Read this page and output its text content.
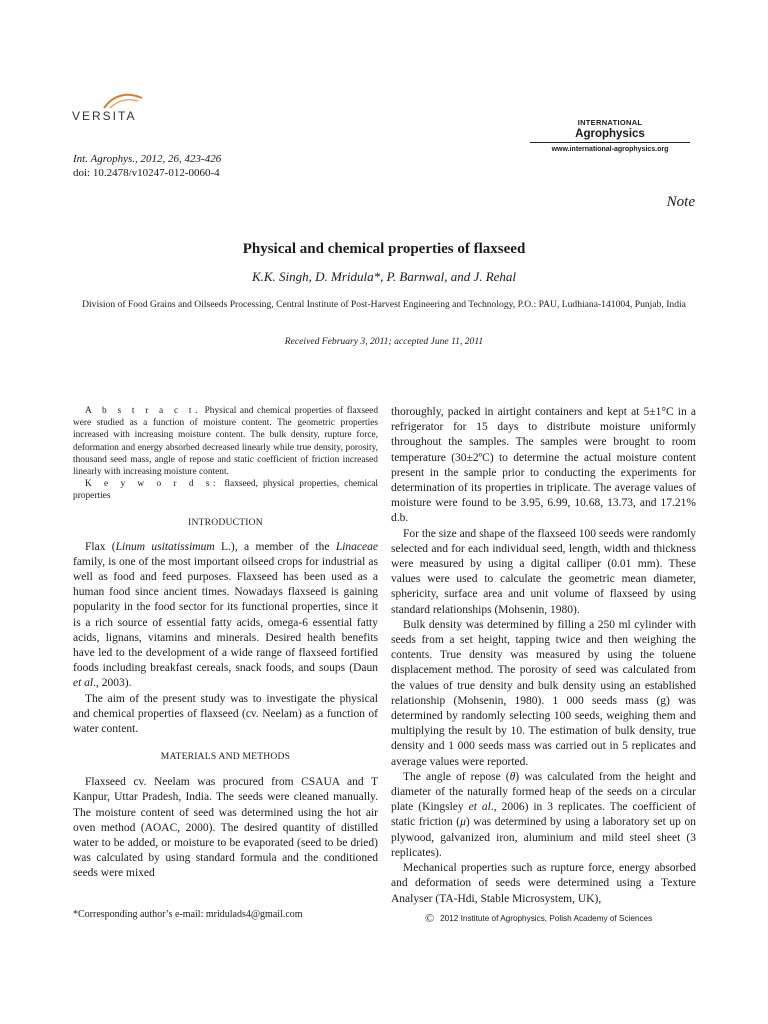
VERSITA	INTERNATIONAL
Agrophysics
www.international-agrophysics.org
Int. Agrophys., 2012, 26, 423-426
doi: 10.2478/v10247-012-0060-4
Note
Physical and chemical properties of flaxseed
K.K. Singh, D. Mridula*, P. Barnwal, and J. Rehal
Division of Food Grains and Oilseeds Processing, Central Institute of Post-Harvest Engineering and Technology, P.O.: PAU, Ludhiana-141004, Punjab, India
Received February 3, 2011; accepted June 11, 2011

A b s t r a c t. Physical and chemical properties of flaxseed were studied as a function of moisture content. The geometric properties increased with increasing moisture content. The bulk density, rupture force, deformation and energy absorbed decreased linearly while true density, porosity, thousand seed mass, angle of repose and static coefficient of friction increased linearly with increasing moisture content.

K e y w o r d s: flaxseed, physical properties, chemical properties

INTRODUCTION

Flax (Linum usitatissimum L.), a member of the Linaceae family, is one of the most important oilseed crops for industrial as well as food and feed purposes. Flaxseed has been used as a human food since ancient times. Nowadays flaxseed is gaining popularity in the food sector for its functional properties, since it is a rich source of essential fatty acids, omega-6 essential fatty acids, lignans, vitamins and minerals. Desired health benefits have led to the development of a wide range of flaxseed fortified foods including breakfast cereals, snack foods, and soups (Daun et al., 2003).

The aim of the present study was to investigate the physical and chemical properties of flaxseed (cv. Neelam) as a function of water content.

MATERIALS AND METHODS

Flaxseed cv. Neelam was procured from CSAUA and T Kanpur, Uttar Pradesh, India. The seeds were cleaned manually. The moisture content of seed was determined using the hot air oven method (AOAC, 2000). The desired quantity of distilled water to be added, or moisture to be evaporated (seed to be dried) was calculated by using standard formula and the conditioned seeds were mixed

thoroughly, packed in airtight containers and kept at 5±1°C in a refrigerator for 15 days to distribute moisture uniformly throughout the samples. The samples were brought to room temperature (30±2ºC) to determine the actual moisture content present in the sample prior to conducting the experiments for determination of its properties in triplicate. The average values of moisture were found to be 3.95, 6.99, 10.68, 13.73, and 17.21% d.b.

For the size and shape of the flaxseed 100 seeds were randomly selected and for each individual seed, length, width and thickness were measured by using a digital calliper (0.01 mm). These values were used to calculate the geometric mean diameter, sphericity, surface area and unit volume of flaxseed by using standard relationships (Mohsenin, 1980).

Bulk density was determined by filling a 250 ml cylinder with seeds from a set height, tapping twice and then weighing the contents. True density was measured by using the toluene displacement method. The porosity of seed was calculated from the values of true density and bulk density using an established relationship (Mohsenin, 1980). 1 000 seeds mass (g) was determined by randomly selecting 100 seeds, weighing them and multiplying the result by 10. The estimation of bulk density, true density and 1 000 seeds mass was carried out in 5 replicates and average values were reported.

The angle of repose (θ) was calculated from the height and diameter of the naturally formed heap of the seeds on a circular plate (Kingsley et al., 2006) in 3 replicates. The coefficient of static friction (μ) was determined by using a laboratory set up on plywood, galvanized iron, aluminium and mild steel sheet (3 replicates).

Mechanical properties such as rupture force, energy absorbed and deformation of seeds were determined using a Texture Analyser (TA-Hdi, Stable Microsystem, UK),

*Corresponding author’s e-mail: mridulads4@gmail.com	© 2012 Institute of Agrophysics, Polish Academy of Sciences
